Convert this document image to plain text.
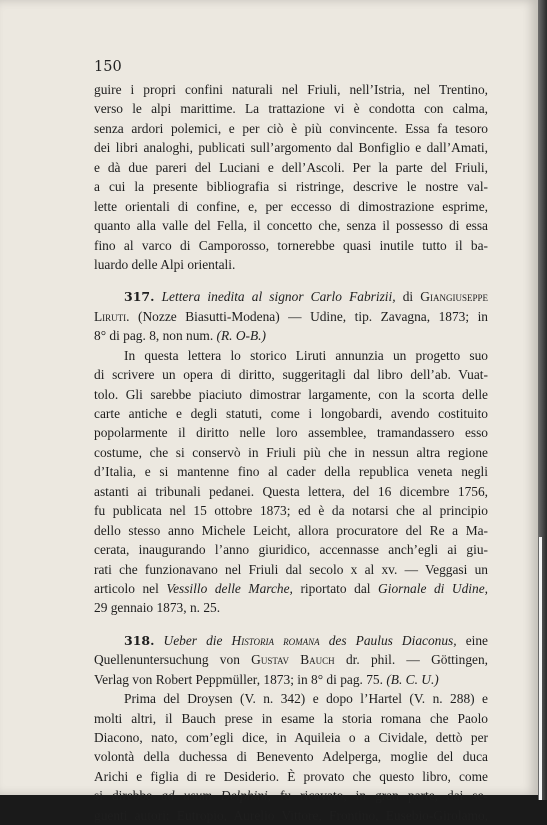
150
guire i propri confini naturali nel Friuli, nell’Istria, nel Trentino,
verso le alpi marittime. La trattazione vi è condotta con calma,
senza ardori polemici, e per ciò è più convincente. Essa fa tesoro
dei libri analoghi, publicati sull’argomento dal Bonfiglio e dall’Amati,
e dà due pareri del Luciani e dell’Ascoli. Per la parte del Friuli,
a cui la presente bibliografia si ristringe, descrive le nostre val-
lette orientali di confine, e, per eccesso di dimostrazione esprime,
quanto alla valle del Fella, il concetto che, senza il possesso di essa
fino al varco di Camporosso, tornerebbe quasi inutile tutto il ba-
luardo delle Alpi orientali.
317. Lettera inedita al signor Carlo Fabrizii, di Giangiuseppe
Liruti. (Nozze Biasutti-Modena) — Udine, tip. Zavagna, 1873; in
8° di pag. 8, non num. (R. O-B.)
In questa lettera lo storico Liruti annunzia un progetto suo
di scrivere un opera di diritto, suggeritagli dal libro dell’ab. Vuat-
tolo. Gli sarebbe piaciuto dimostrar largamente, con la scorta delle
carte antiche e degli statuti, come i longobardi, avendo costituito
popolarmente il diritto nelle loro assemblee, tramandassero esso
costume, che si conservò in Friuli più che in nessun altra regione
d’Italia, e si mantenne fino al cader della republica veneta negli
astanti ai tribunali pedanei. Questa lettera, del 16 dicembre 1756,
fu publicata nel 15 ottobre 1873; ed è da notarsi che al principio
dello stesso anno Michele Leicht, allora procuratore del Re a Ma-
cerata, inaugurando l’anno giuridico, accennasse anch’egli ai giu-
rati che funzionavano nel Friuli dal secolo x al xv. — Veggasi un
articolo nel Vessillo delle Marche, riportato dal Giornale di Udine,
29 gennaio 1873, n. 25.
318. Ueber die Historia romana des Paulus Diaconus, eine
Quellenuntersuchung von Gustav Bauch dr. phil. — Göttingen,
Verlag von Robert Peppmüller, 1873; in 8° di pag. 75. (B. C. U.)
Prima del Droysen (V. n. 342) e dopo l’Hartel (V. n. 288) e
molti altri, il Bauch prese in esame la storia romana che Paolo
Diacono, nato, com’egli dice, in Aquileia o a Cividale, dettò per
volontà della duchessa di Benevento Adelperga, moglie del duca
Arichi e figlia di re Desiderio. È provato che questo libro, come
si direbbe ad usum Delphini, fu ricavato, in gran parte, dai se-
guenti autori: Eutropio, Aurelio Vittore, Frontino, Eusebio-Girolamo,
